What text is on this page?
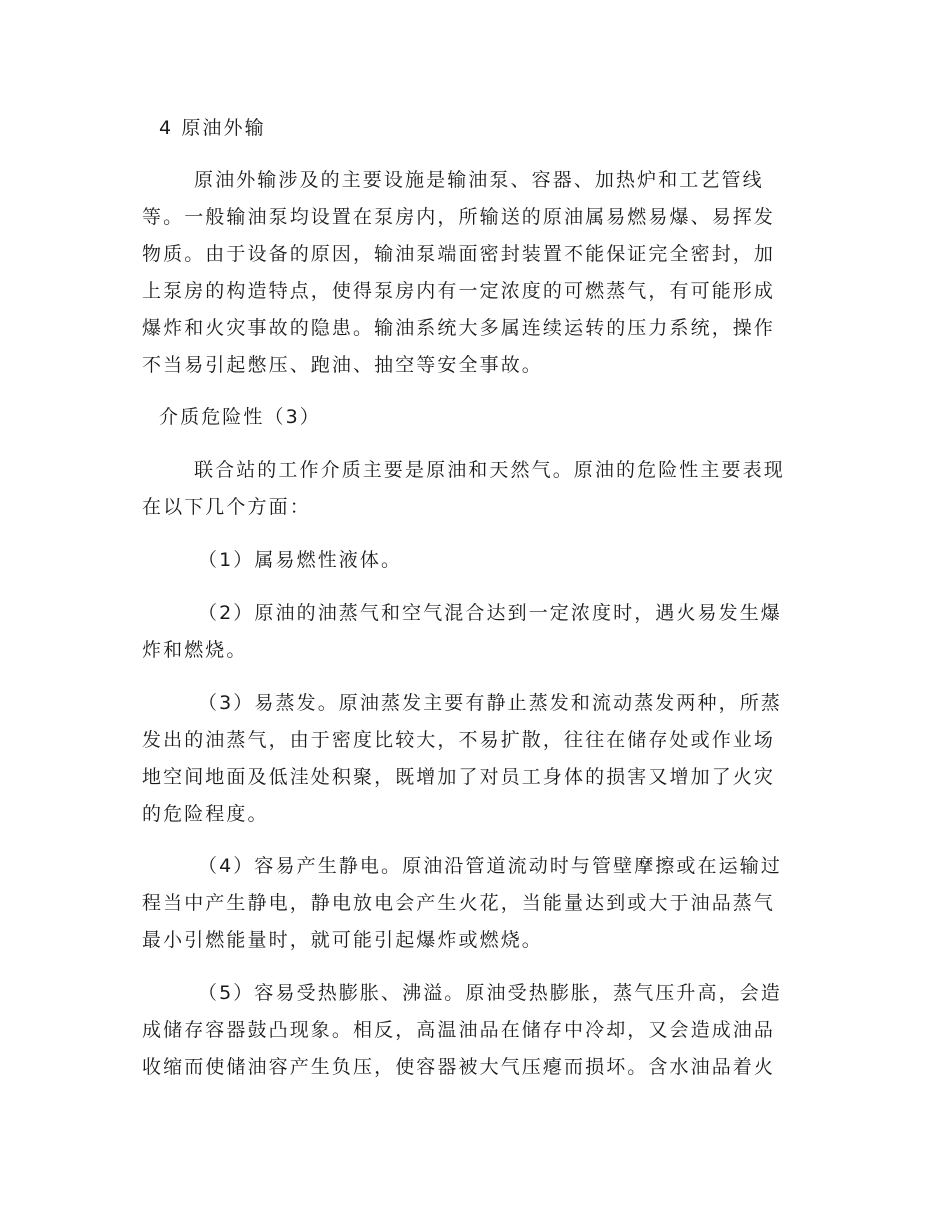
4 原油外输
原油外输涉及的主要设施是输油泵、容器、加热炉和工艺管线
等。一般输油泵均设置在泵房内，所输送的原油属易燃易爆、易挥发
物质。由于设备的原因，输油泵端面密封装置不能保证完全密封，加
上泵房的构造特点，使得泵房内有一定浓度的可燃蒸气，有可能形成
爆炸和火灾事故的隐患。输油系统大多属连续运转的压力系统，操作
不当易引起憋压、跑油、抽空等安全事故。
介质危险性（3）
联合站的工作介质主要是原油和天然气。原油的危险性主要表现
在以下几个方面：
（1）属易燃性液体。
（2）原油的油蒸气和空气混合达到一定浓度时，遇火易发生爆
炸和燃烧。
（3）易蒸发。原油蒸发主要有静止蒸发和流动蒸发两种，所蒸
发出的油蒸气，由于密度比较大，不易扩散，往往在储存处或作业场
地空间地面及低洼处积聚，既增加了对员工身体的损害又增加了火灾
的危险程度。
（4）容易产生静电。原油沿管道流动时与管壁摩擦或在运输过
程当中产生静电，静电放电会产生火花，当能量达到或大于油品蒸气
最小引燃能量时，就可能引起爆炸或燃烧。
（5）容易受热膨胀、沸溢。原油受热膨胀，蒸气压升高，会造
成储存容器鼓凸现象。相反，高温油品在储存中冷却，又会造成油品
收缩而使储油容产生负压，使容器被大气压瘪而损坏。含水油品着火
